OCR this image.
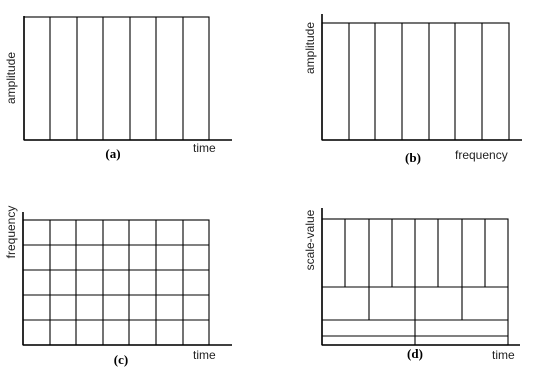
amplitude
time
(a)
amplitude
frequency
(b)
frequency
time
(c)
scale-value
time
(d)
